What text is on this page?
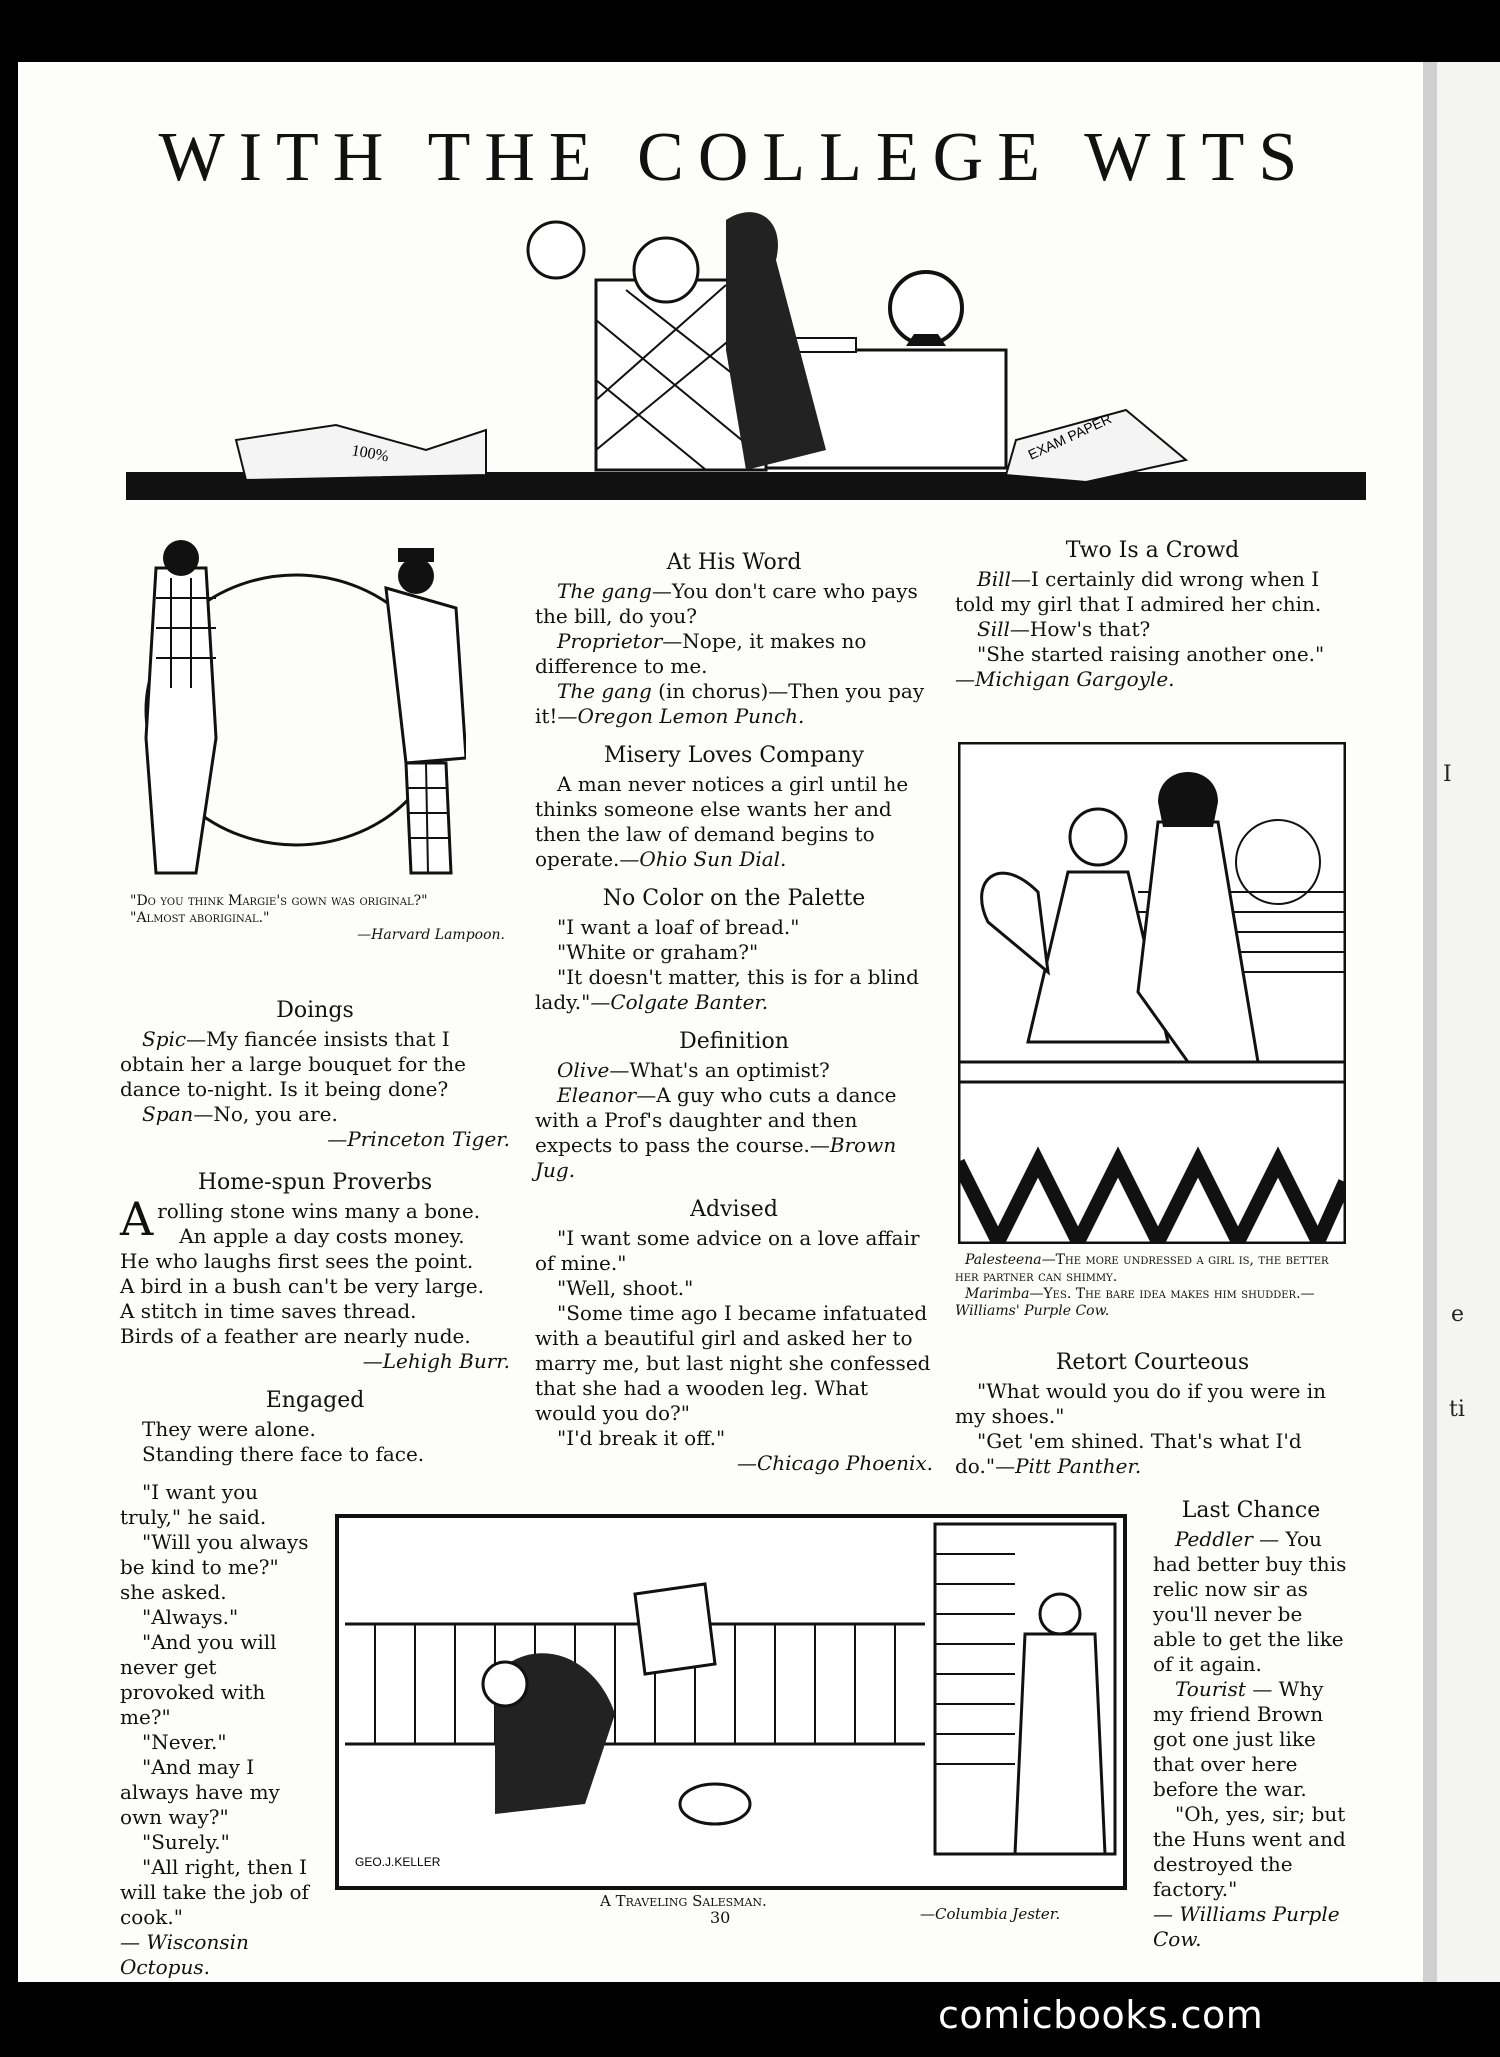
I
e
ti
WITH THE COLLEGE WITS
100%	EXAM PAPER

"Do you think Margie's gown was original?"

"Almost aboriginal."

—Harvard Lampoon.

Doings

Spic—My fiancée insists that I obtain her a large bouquet for the dance to-night. Is it being done?

Span—No, you are.

—Princeton Tiger.

Home-spun Proverbs

Arolling stone wins many a bone.

An apple a day costs money.

He who laughs first sees the point.

A bird in a bush can't be very large.

A stitch in time saves thread.

Birds of a feather are nearly nude.

—Lehigh Burr.

Engaged

They were alone.

Standing there face to face.

"I want you truly," he said.

"Will you always be kind to me?" she asked.

"Always."

"And you will never get provoked with me?"

"Never."

"And may I always have my own way?"

"Surely."

"All right, then I will take the job of cook."

— Wisconsin Octopus.

At His Word

The gang—You don't care who pays the bill, do you?

Proprietor—Nope, it makes no difference to me.

The gang (in chorus)—Then you pay it!—Oregon Lemon Punch.

Misery Loves Company

A man never notices a girl until he thinks someone else wants her and then the law of demand begins to operate.—Ohio Sun Dial.

No Color on the Palette

"I want a loaf of bread."

"White or graham?"

"It doesn't matter, this is for a blind lady."—Colgate Banter.

Definition

Olive—What's an optimist?

Eleanor—A guy who cuts a dance with a Prof's daughter and then expects to pass the course.—Brown Jug.

Advised

"I want some advice on a love affair of mine."

"Well, shoot."

"Some time ago I became infatuated with a beautiful girl and asked her to marry me, but last night she confessed that she had a wooden leg. What would you do?"

"I'd break it off."

—Chicago Phoenix.

Two Is a Crowd

Bill—I certainly did wrong when I told my girl that I admired her chin.

Sill—How's that?

"She started raising another one."

—Michigan Gargoyle.

Palesteena—The more undressed a girl is, the better her partner can shimmy.

Marimba—Yes. The bare idea makes him shudder.—Williams' Purple Cow.

Retort Courteous

"What would you do if you were in my shoes."

"Get 'em shined. That's what I'd do."—Pitt Panther.

Last Chance

Peddler — You had better buy this relic now sir as you'll never be able to get the like of it again.

Tourist — Why my friend Brown got one just like that over here before the war.

"Oh, yes, sir; but the Huns went and destroyed the factory."

— Williams Purple Cow.

GEO.J.KELLER

A Traveling Salesman.

—Columbia Jester.

30
comicbooks.com
